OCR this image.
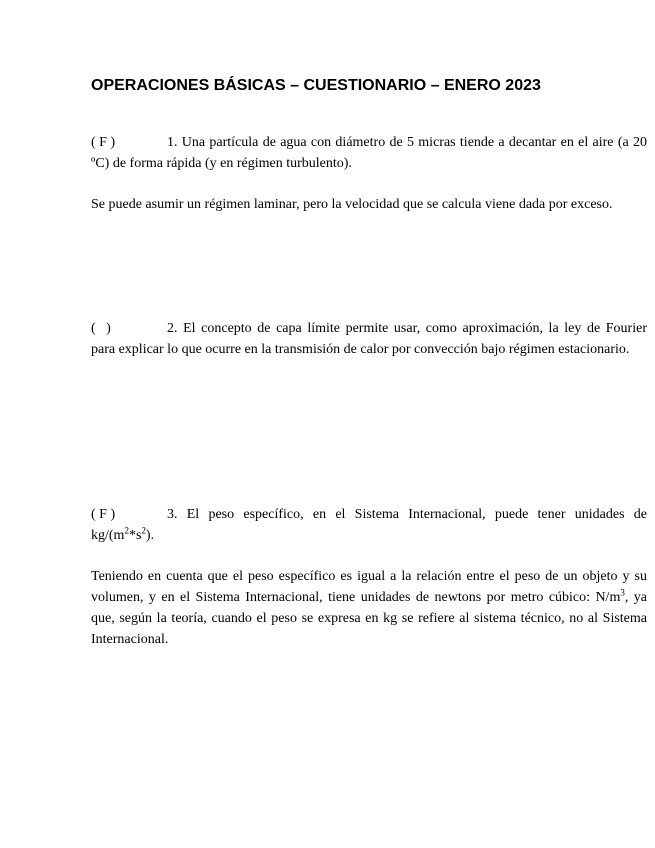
OPERACIONES BÁSICAS – CUESTIONARIO – ENERO 2023

( F )	1. Una partícula de agua con diámetro de 5 micras tiende a decantar en el aire (a 20 ºC) de forma rápida (y en régimen turbulento).

Se puede asumir un régimen laminar, pero la velocidad que se calcula viene dada por exceso.

(   )	2. El concepto de capa límite permite usar, como aproximación, la ley de Fourier para explicar lo que ocurre en la transmisión de calor por convección bajo régimen estacionario.

( F )	3. El peso específico, en el Sistema Internacional, puede tener unidades de $kg/(m^2*s^2)$.

Teniendo en cuenta que el peso específico es igual a la relación entre el peso de un objeto y su volumen, y en el Sistema Internacional, tiene unidades de newtons por metro cúbico: $N/m^3$, ya que, según la teoría, cuando el peso se expresa en kg se refiere al sistema técnico, no al Sistema Internacional.
